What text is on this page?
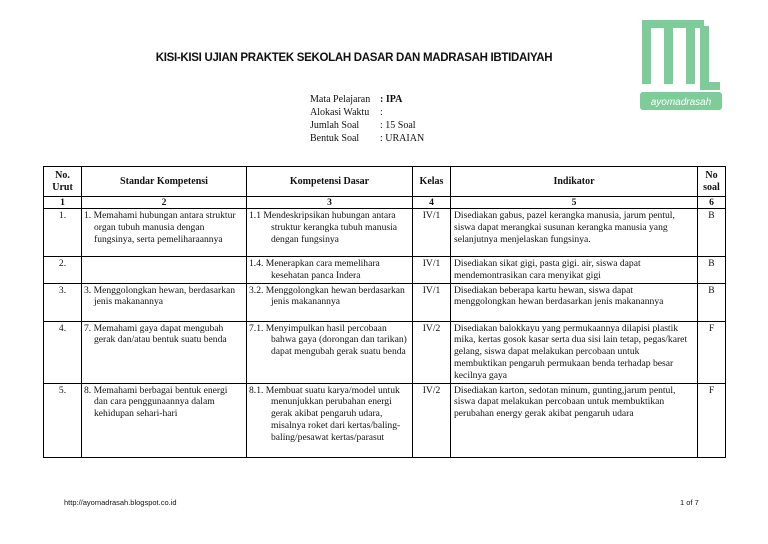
KISI-KISI UJIAN PRAKTEK SEKOLAH DASAR DAN MADRASAH IBTIDAIYAH
ayomadrasah
Mata Pelajaran : IPA
Alokasi Waktu	:
Jumlah Soal	: 15 Soal
Bentuk Soal	: URAIAN
No. Urut	Standar Kompetensi	Kompetensi Dasar	Kelas	Indikator	No soal
1	2	3	4	5	6
1.	1. Memahami hubungan antara struktur organ tubuh manusia dengan fungsinya, serta pemeliharaannya	1.1 Mendeskripsikan hubungan antara struktur kerangka tubuh manusia dengan fungsinya	IV/1	Disediakan gabus, pazel kerangka manusia, jarum pentul, siswa dapat merangkai susunan kerangka manusia yang selanjutnya menjelaskan fungsinya.	B
2.		1.4. Menerapkan cara memelihara kesehatan panca Indera	IV/1	Disediakan sikat gigi, pasta gigi. air, siswa dapat mendemontrasikan cara menyikat gigi	B
3.	3. Menggolongkan hewan, berdasarkan jenis makanannya	3.2. Menggolongkan hewan berdasarkan jenis makanannya	IV/1	Disediakan beberapa kartu hewan, siswa dapat menggolongkan hewan berdasarkan jenis makanannya	B
4.	7. Memahami gaya dapat mengubah gerak dan/atau bentuk suatu benda	7.1. Menyimpulkan hasil percobaan bahwa gaya (dorongan dan tarikan) dapat mengubah gerak suatu benda	IV/2	Disediakan balokkayu yang permukaannya dilapisi plastik mika, kertas gosok kasar serta dua sisi lain tetap, pegas/karet gelang, siswa dapat melakukan percobaan untuk membuktikan pengaruh permukaan benda terhadap besar kecilnya gaya	F
5.	8. Memahami berbagai bentuk energi dan cara penggunaannya dalam kehidupan sehari-hari	8.1. Membuat suatu karya/model untuk menunjukkan perubahan energi gerak akibat pengaruh udara, misalnya roket dari kertas/baling-baling/pesawat kertas/parasut	IV/2	Disediakan karton, sedotan minum, gunting,jarum pentul, siswa dapat melakukan percobaan untuk membuktikan perubahan energy gerak akibat pengaruh udara	F
http://ayomadrasah.blogspot.co.id	1 of 7
